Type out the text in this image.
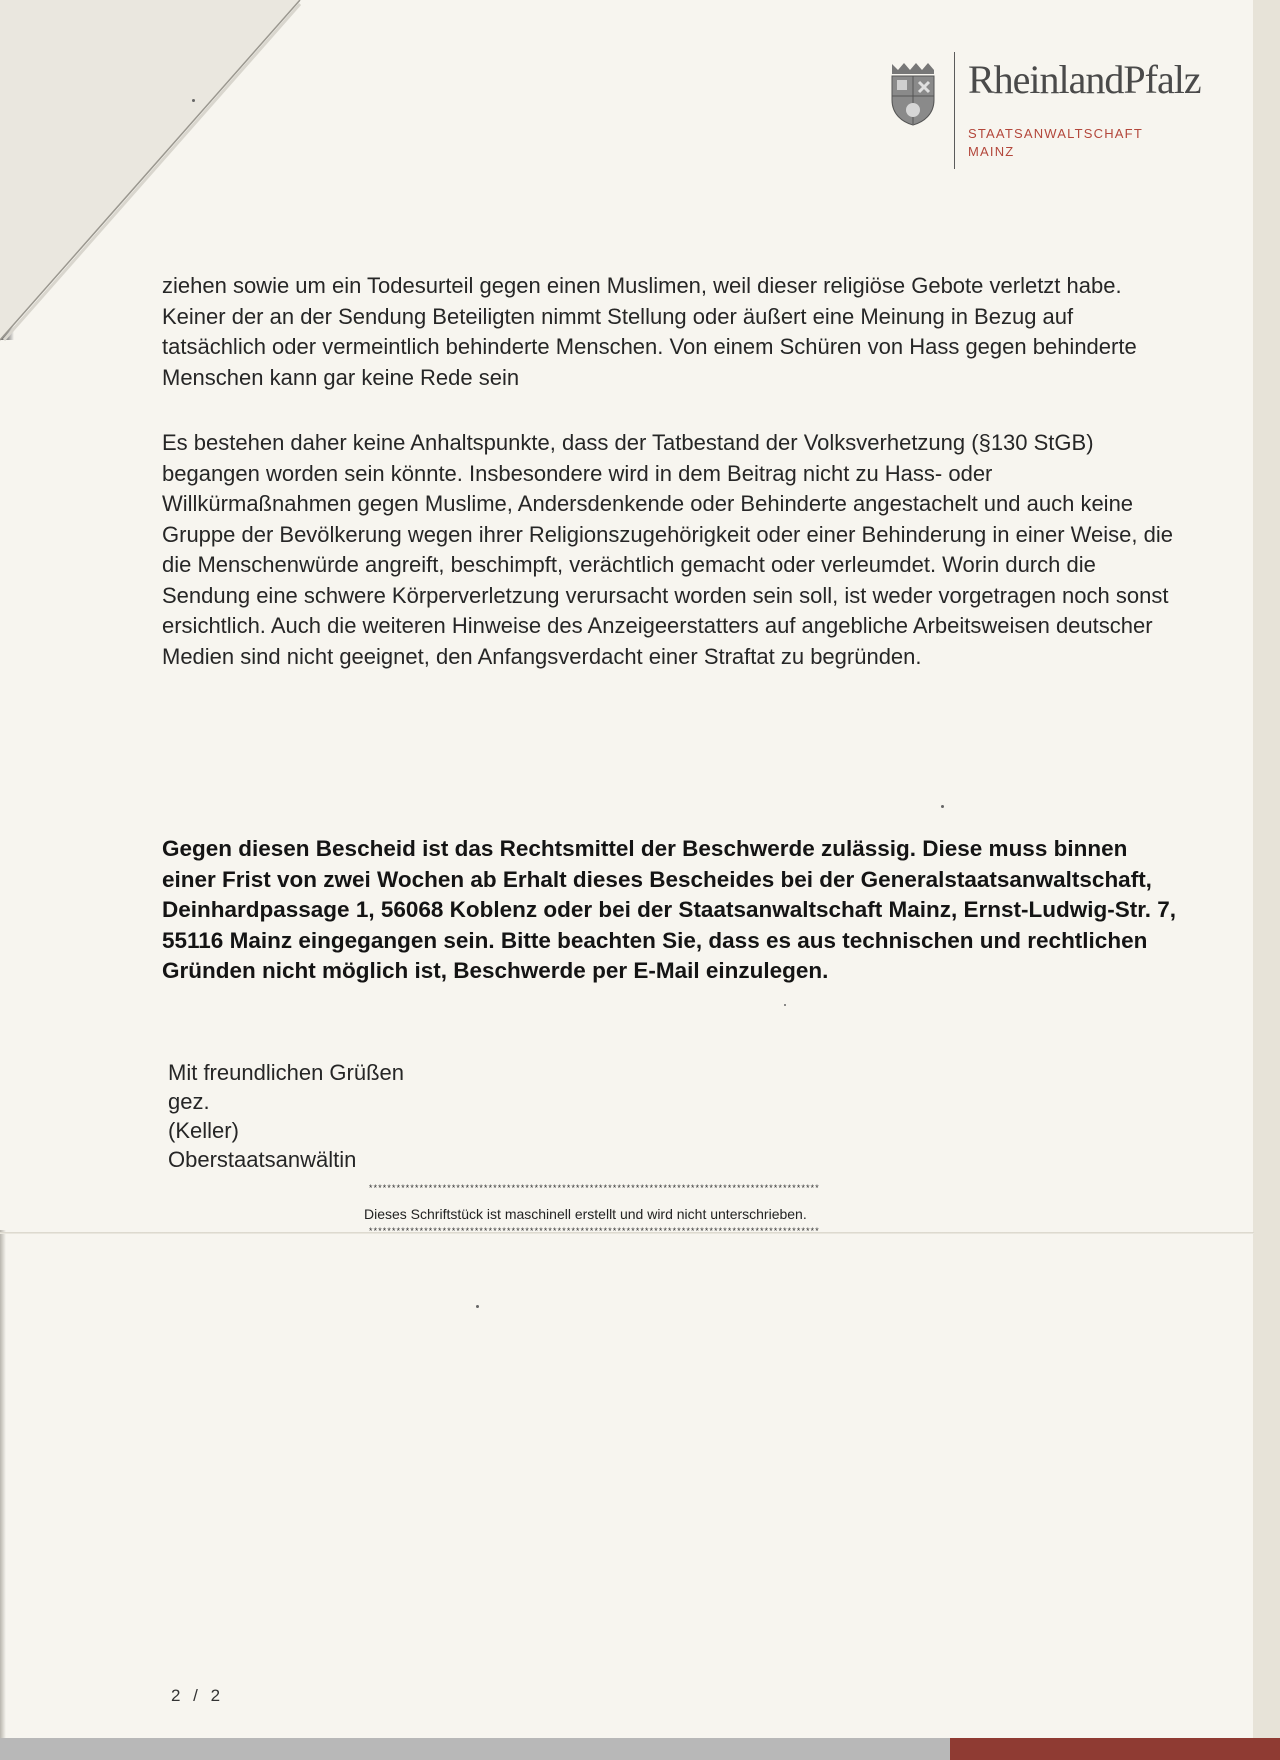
RheinlandPfalz
STAATSANWALTSCHAFT
MAINZ
ziehen sowie um ein Todesurteil gegen einen Muslimen, weil dieser religiöse Gebote verletzt habe. Keiner der an der Sendung Beteiligten nimmt Stellung oder äußert eine Meinung in Bezug auf tatsächlich oder vermeintlich behinderte Menschen. Von einem Schüren von Hass gegen behinderte Menschen kann gar keine Rede sein
Es bestehen daher keine Anhaltspunkte, dass der Tatbestand der Volksverhetzung (§130 StGB) begangen worden sein könnte. Insbesondere wird in dem Beitrag nicht zu Hass- oder Willkürmaßnahmen gegen Muslime, Andersdenkende oder Behinderte angestachelt und auch keine Gruppe der Bevölkerung wegen ihrer Religionszugehörigkeit oder einer Behinderung in einer Weise, die die Menschenwürde angreift, beschimpft, verächtlich gemacht oder verleumdet. Worin durch die Sendung eine schwere Körperverletzung verursacht worden sein soll, ist weder vorgetragen noch sonst ersichtlich. Auch die weiteren Hinweise des Anzeigeerstatters auf angebliche Arbeitsweisen deutscher Medien sind nicht geeignet, den Anfangsverdacht einer Straftat zu begründen.
Gegen diesen Bescheid ist das Rechtsmittel der Beschwerde zulässig. Diese muss binnen einer Frist von zwei Wochen ab Erhalt dieses Bescheides bei der Generalstaatsanwaltschaft, Deinhardpassage 1, 56068 Koblenz oder bei der Staatsanwaltschaft Mainz, Ernst-Ludwig-Str. 7, 55116 Mainz eingegangen sein. Bitte beachten Sie, dass es aus technischen und rechtlichen Gründen nicht möglich ist, Beschwerde per E-Mail einzulegen.
Mit freundlichen Grüßen
gez.
(Keller)
Oberstaatsanwältin
**************************************************************************************************
Dieses Schriftstück ist maschinell erstellt und wird nicht unterschrieben.
**************************************************************************************************
2 / 2
